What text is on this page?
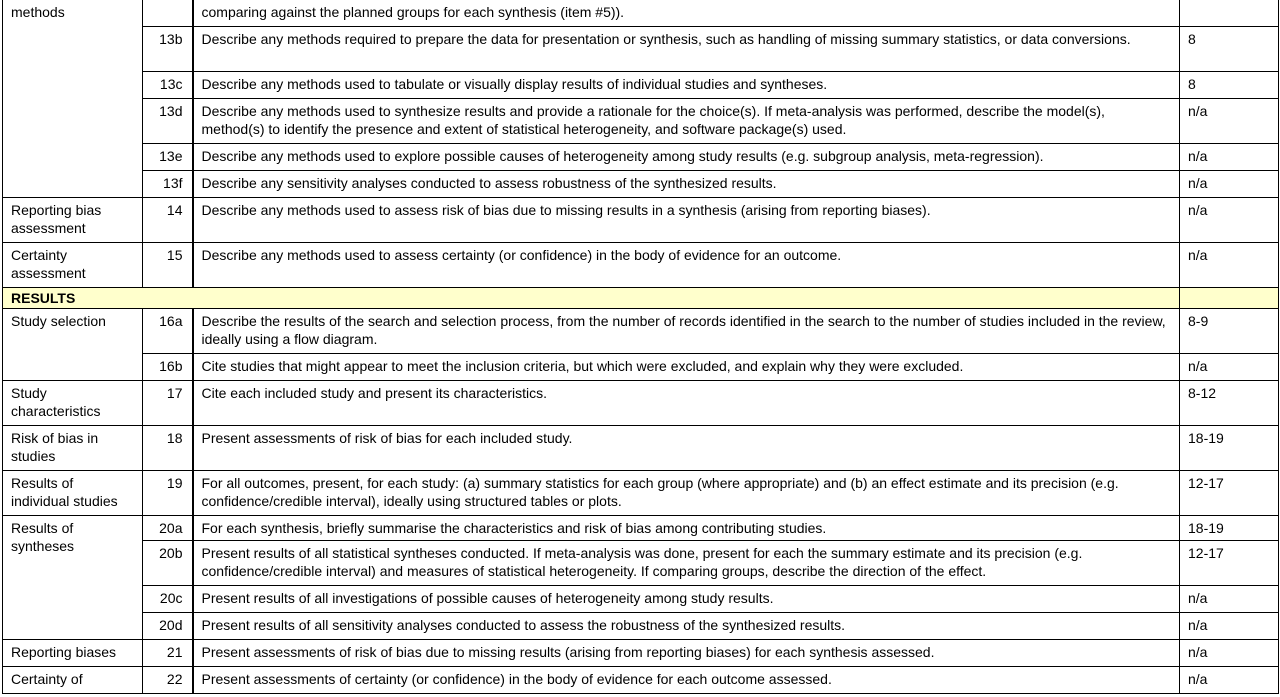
methods		comparing against the planned groups for each synthesis (item #5)).	
	13b	Describe any methods required to prepare the data for presentation or synthesis, such as handling of missing summary statistics, or data conversions.	8
	13c	Describe any methods used to tabulate or visually display results of individual studies and syntheses.	8
	13d	Describe any methods used to synthesize results and provide a rationale for the choice(s). If meta-analysis was performed, describe the model(s), method(s) to identify the presence and extent of statistical heterogeneity, and software package(s) used.	n/a
	13e	Describe any methods used to explore possible causes of heterogeneity among study results (e.g. subgroup analysis, meta-regression).	n/a
	13f	Describe any sensitivity analyses conducted to assess robustness of the synthesized results.	n/a
Reporting bias assessment	14	Describe any methods used to assess risk of bias due to missing results in a synthesis (arising from reporting biases).	n/a
Certainty assessment	15	Describe any methods used to assess certainty (or confidence) in the body of evidence for an outcome.	n/a
RESULTS			
Study selection	16a	Describe the results of the search and selection process, from the number of records identified in the search to the number of studies included in the review, ideally using a flow diagram.	8-9
	16b	Cite studies that might appear to meet the inclusion criteria, but which were excluded, and explain why they were excluded.	n/a
Study characteristics	17	Cite each included study and present its characteristics.	8-12
Risk of bias in studies	18	Present assessments of risk of bias for each included study.	18-19
Results of individual studies	19	For all outcomes, present, for each study: (a) summary statistics for each group (where appropriate) and (b) an effect estimate and its precision (e.g. confidence/credible interval), ideally using structured tables or plots.	12-17
Results of syntheses	20a	For each synthesis, briefly summarise the characteristics and risk of bias among contributing studies.	18-19
	20b	Present results of all statistical syntheses conducted. If meta-analysis was done, present for each the summary estimate and its precision (e.g. confidence/credible interval) and measures of statistical heterogeneity. If comparing groups, describe the direction of the effect.	12-17
	20c	Present results of all investigations of possible causes of heterogeneity among study results.	n/a
	20d	Present results of all sensitivity analyses conducted to assess the robustness of the synthesized results.	n/a
Reporting biases	21	Present assessments of risk of bias due to missing results (arising from reporting biases) for each synthesis assessed.	n/a
Certainty of	22	Present assessments of certainty (or confidence) in the body of evidence for each outcome assessed.	n/a
